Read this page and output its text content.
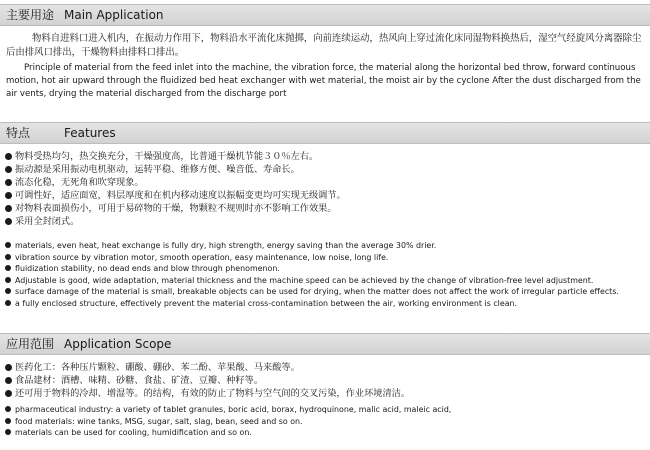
主要用途 Main Application
物料自进料口进入机内，在振动力作用下，物料沿水平流化床抛掷，向前连续运动，热风向上穿过流化床同湿物料换热后，湿空气经旋风分离器除尘后由排风口排出，干燥物料由排料口排出。
Principle of material from the feed inlet into the machine, the vibration force, the material along the horizontal bed throw, forward continuous motion, hot air upward through the fluidized bed heat exchanger with wet material, the moist air by the cyclone After the dust discharged from the air vents, drying the material discharged from the discharge port
特点	Features
物料受热均匀，热交换充分，干燥强度高，比普通干燥机节能３０％左右。
振动源是采用振动电机驱动，运转平稳、维修方便、噪音低、寿命长。
流态化稳，无死角和吹穿现象。
可调性好，适应面宽，料层厚度和在机内移动速度以振幅变更均可实现无级调节。
对物料表面损伤小，可用于易碎物的干燥，物颗粒不规则时亦不影响工作效果。
采用全封闭式。
materials, even heat, heat exchange is fully dry, high strength, energy saving than the average 30% drier.
vibration source by vibration motor, smooth operation, easy maintenance, low noise, long life.
fluidization stability, no dead ends and blow through phenomenon.
Adjustable is good, wide adaptation, material thickness and the machine speed can be achieved by the change of vibration-free level adjustment.
surface damage of the material is small, breakable objects can be used for drying, when the matter does not affect the work of irregular particle effects.
a fully enclosed structure, effectively prevent the material cross-contamination between the air, working environment is clean.
应用范围 Application Scope
医药化工：各种压片颗粒、硼酸、硼砂、苯二酚、苹果酸、马来酸等。
食品建材：酒槽、味精、砂糖、食盐、矿渣、豆瓣、种籽等。
还可用于物料的冷却、增湿等。的结构，有效的防止了物料与空气间的交叉污染，作业环境清洁。
pharmaceutical industry: a variety of tablet granules, boric acid, borax, hydroquinone, malic acid, maleic acid,
food materials: wine tanks, MSG, sugar, salt, slag, bean, seed and so on.
materials can be used for cooling, humidification and so on.
